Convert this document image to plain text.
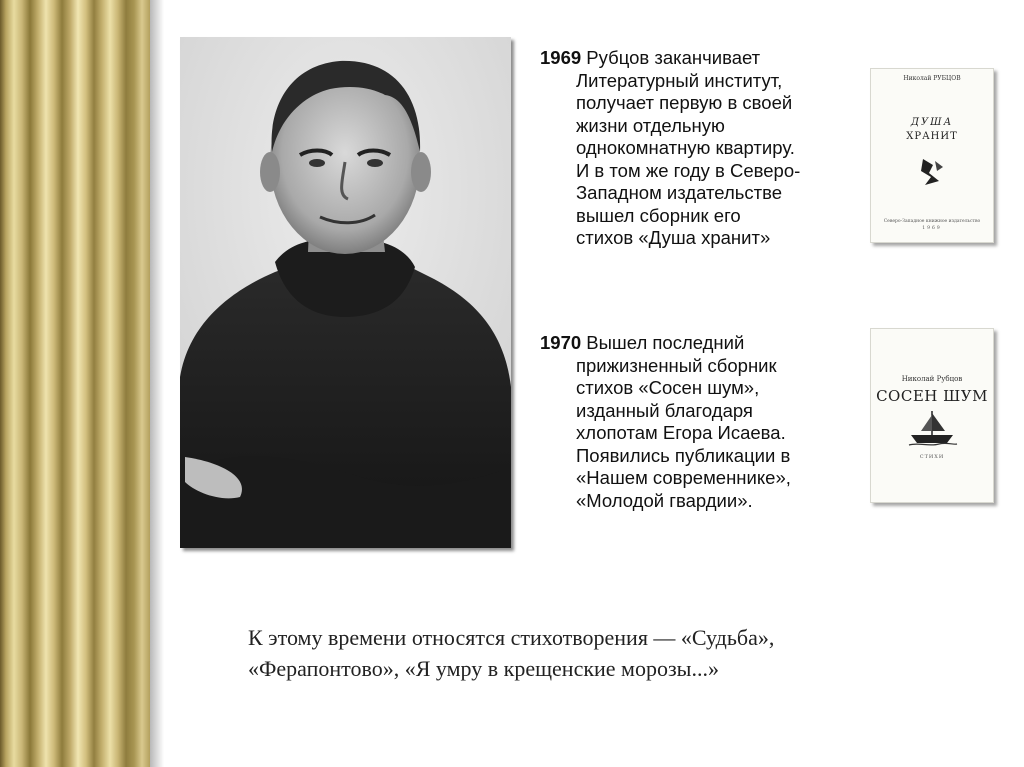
1969 Рубцов заканчивает
Литературный институт,
получает первую в своей
жизни отдельную
однокомнатную квартиру.
И в том же году в Северо-
Западном издательстве
вышел сборник его
стихов «Душа хранит»
1970 Вышел последний
прижизненный сборник
стихов «Сосен шум»,
изданный благодаря
хлопотам Егора Исаева.
Появились публикации в
«Нашем современнике»,
«Молодой гвардии».
Николай РУБЦОВ
ДУША
ХРАНИТ
Северо-Западное книжное издательство
1969
Николай Рубцов
СОСЕН ШУМ
СТИХИ
К этому времени относятся стихотворения — «Судьба»,
«Ферапонтово», «Я умру в крещенские морозы...»
